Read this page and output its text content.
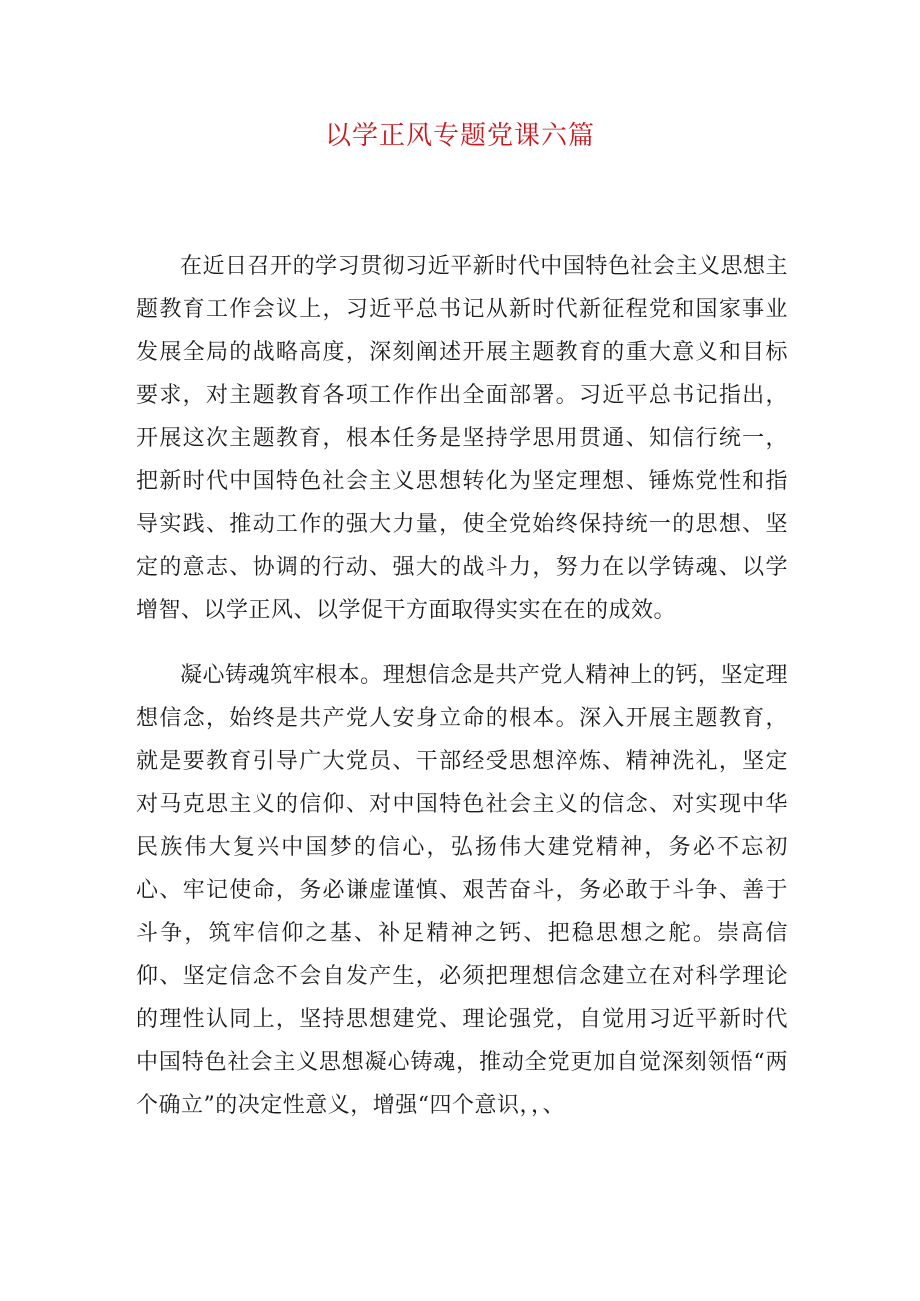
以学正风专题党课六篇

在近日召开的学习贯彻习近平新时代中国特色社会主义思想主题教育工作会议上，习近平总书记从新时代新征程党和国家事业发展全局的战略高度，深刻阐述开展主题教育的重大意义和目标要求，对主题教育各项工作作出全面部署。习近平总书记指出，开展这次主题教育，根本任务是坚持学思用贯通、知信行统一，把新时代中国特色社会主义思想转化为坚定理想、锤炼党性和指导实践、推动工作的强大力量，使全党始终保持统一的思想、坚定的意志、协调的行动、强大的战斗力，努力在以学铸魂、以学增智、以学正风、以学促干方面取得实实在在的成效。

凝心铸魂筑牢根本。理想信念是共产党人精神上的钙，坚定理想信念，始终是共产党人安身立命的根本。深入开展主题教育，就是要教育引导广大党员、干部经受思想淬炼、精神洗礼，坚定对马克思主义的信仰、对中国特色社会主义的信念、对实现中华民族伟大复兴中国梦的信心，弘扬伟大建党精神，务必不忘初心、牢记使命，务必谦虚谨慎、艰苦奋斗，务必敢于斗争、善于斗争，筑牢信仰之基、补足精神之钙、把稳思想之舵。崇高信仰、坚定信念不会自发产生，必须把理想信念建立在对科学理论的理性认同上，坚持思想建党、理论强党，自觉用习近平新时代中国特色社会主义思想凝心铸魂，推动全党更加自觉深刻领悟“两个确立”的决定性意义，增强“四个意识，，、
